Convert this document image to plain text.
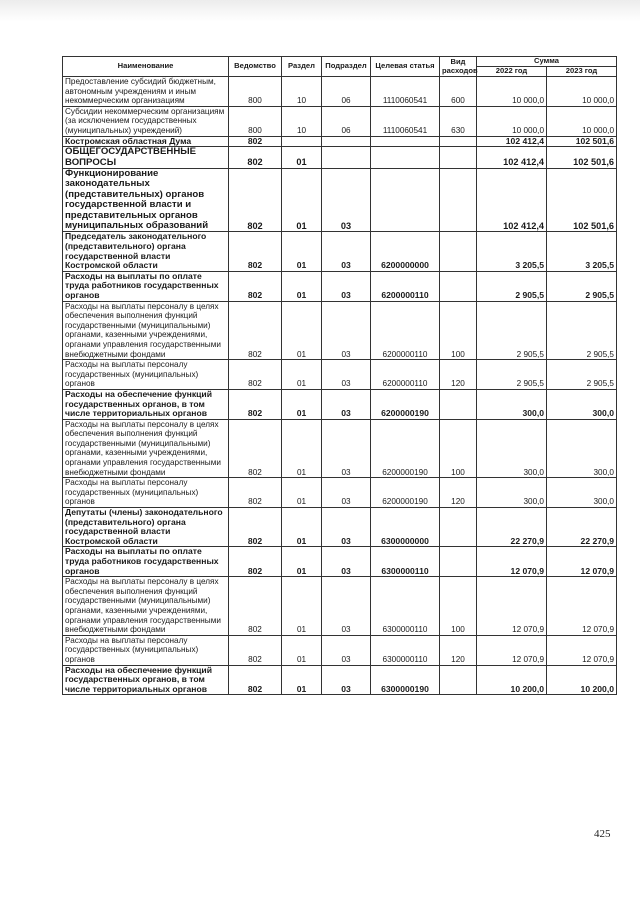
Наименование	Ведомство	Раздел	Подраздел	Целевая статья	Вид расходов	Сумма	
						2022 год	2023 год
Предоставление субсидий бюджетным, автономным учреждениям и иным некоммерческим организациям	800	10	06	1110060541	600	10 000,0	10 000,0
Субсидии некоммерческим организациям (за исключением государственных (муниципальных) учреждений)	800	10	06	1110060541	630	10 000,0	10 000,0
Костромская областная Дума	802					102 412,4	102 501,6
ОБЩЕГОСУДАРСТВЕННЫЕ ВОПРОСЫ	802	01				102 412,4	102 501,6
Функционирование законодательных (представительных) органов государственной власти и представительных органов муниципальных образований	802	01	03			102 412,4	102 501,6
Председатель законодательного (представительного) органа государственной власти Костромской области	802	01	03	6200000000		3 205,5	3 205,5
Расходы на выплаты по оплате труда работников государственных органов	802	01	03	6200000110		2 905,5	2 905,5
Расходы на выплаты персоналу в целях обеспечения выполнения функций государственными (муниципальными) органами, казенными учреждениями, органами управления государственными внебюджетными фондами	802	01	03	6200000110	100	2 905,5	2 905,5
Расходы на выплаты персоналу государственных (муниципальных) органов	802	01	03	6200000110	120	2 905,5	2 905,5
Расходы на обеспечение функций государственных органов, в том числе территориальных органов	802	01	03	6200000190		300,0	300,0
Расходы на выплаты персоналу в целях обеспечения выполнения функций государственными (муниципальными) органами, казенными учреждениями, органами управления государственными внебюджетными фондами	802	01	03	6200000190	100	300,0	300,0
Расходы на выплаты персоналу государственных (муниципальных) органов	802	01	03	6200000190	120	300,0	300,0
Депутаты (члены) законодательного (представительного) органа государственной власти Костромской области	802	01	03	6300000000		22 270,9	22 270,9
Расходы на выплаты по оплате труда работников государственных органов	802	01	03	6300000110		12 070,9	12 070,9
Расходы на выплаты персоналу в целях обеспечения выполнения функций государственными (муниципальными) органами, казенными учреждениями, органами управления государственными внебюджетными фондами	802	01	03	6300000110	100	12 070,9	12 070,9
Расходы на выплаты персоналу государственных (муниципальных) органов	802	01	03	6300000110	120	12 070,9	12 070,9
Расходы на обеспечение функций государственных органов, в том числе территориальных органов	802	01	03	6300000190		10 200,0	10 200,0
425
